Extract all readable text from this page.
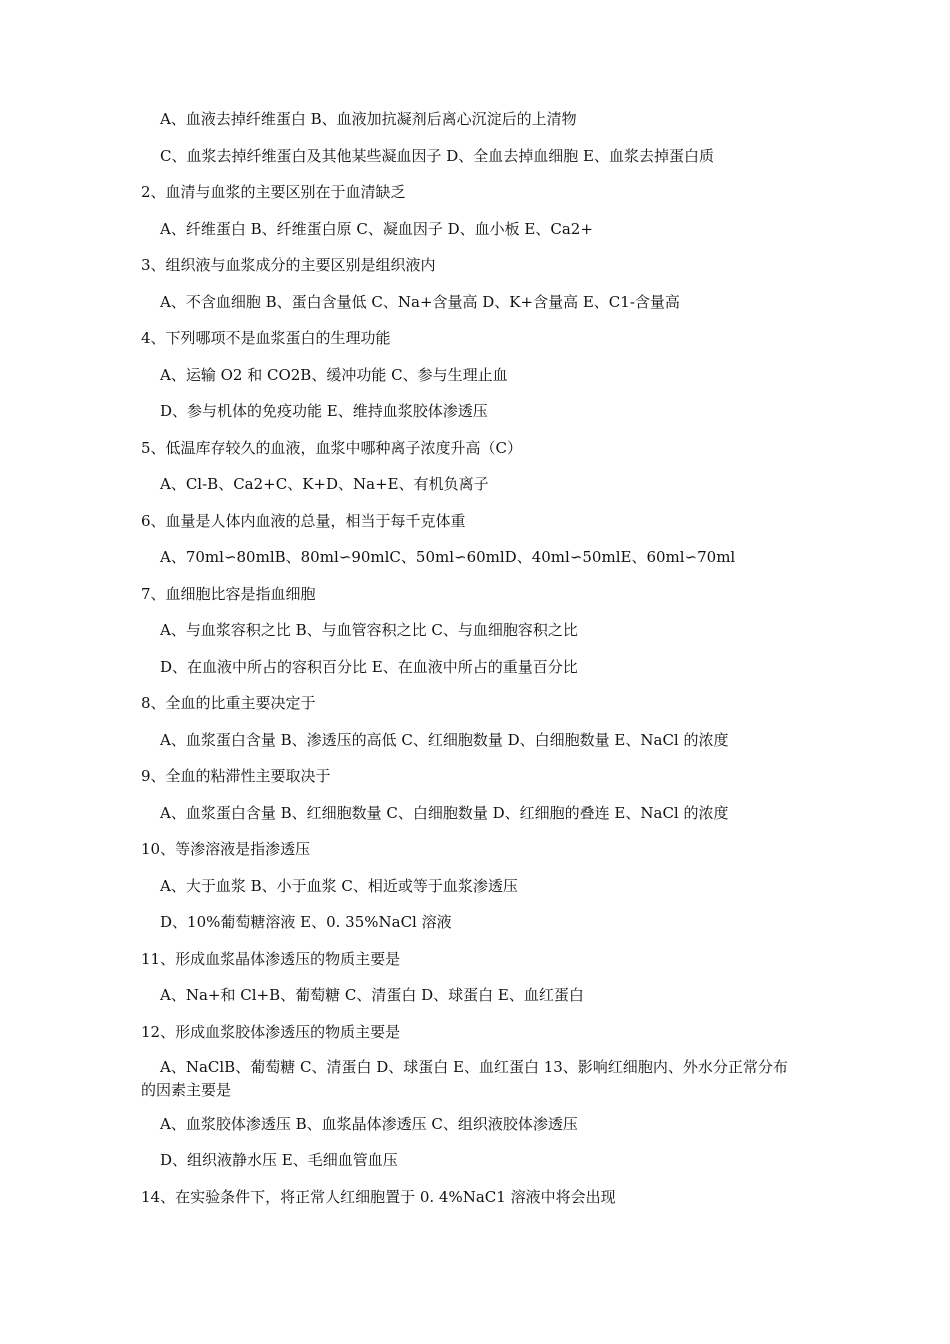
A、血液去掉纤维蛋白 B、血液加抗凝剂后离心沉淀后的上清物
C、血浆去掉纤维蛋白及其他某些凝血因子 D、全血去掉血细胞 E、血浆去掉蛋白质
2、血清与血浆的主要区别在于血清缺乏
A、纤维蛋白 B、纤维蛋白原 C、凝血因子 D、血小板 E、Ca2+
3、组织液与血浆成分的主要区别是组织液内
A、不含血细胞 B、蛋白含量低 C、Na+含量高 D、K+含量高 E、C1-含量高
4、下列哪项不是血浆蛋白的生理功能
A、运输 O2 和 CO2B、缓冲功能 C、参与生理止血
D、参与机体的免疫功能 E、维持血浆胶体渗透压
5、低温库存较久的血液，血浆中哪种离子浓度升高（C）
A、Cl-B、Ca2+C、K+D、Na+E、有机负离子
6、血量是人体内血液的总量，相当于每千克体重
A、70ml∽80mlB、80ml∽90mlC、50ml∽60mlD、40ml∽50mlE、60ml∽70ml
7、血细胞比容是指血细胞
A、与血浆容积之比 B、与血管容积之比 C、与血细胞容积之比
D、在血液中所占的容积百分比 E、在血液中所占的重量百分比
8、全血的比重主要决定于
A、血浆蛋白含量 B、渗透压的高低 C、红细胞数量 D、白细胞数量 E、NaCl 的浓度
9、全血的粘滞性主要取决于
A、血浆蛋白含量 B、红细胞数量 C、白细胞数量 D、红细胞的叠连 E、NaCl 的浓度
10、等渗溶液是指渗透压
A、大于血浆 B、小于血浆 C、相近或等于血浆渗透压
D、10%葡萄糖溶液 E、0. 35%NaCl 溶液
11、形成血浆晶体渗透压的物质主要是
A、Na+和 Cl+B、葡萄糖 C、清蛋白 D、球蛋白 E、血红蛋白
12、形成血浆胶体渗透压的物质主要是
A、NaClB、葡萄糖 C、清蛋白 D、球蛋白 E、血红蛋白 13、影响红细胞内、外水分正常分布的因素主要是
A、血浆胶体渗透压 B、血浆晶体渗透压 C、组织液胶体渗透压
D、组织液静水压 E、毛细血管血压
14、在实验条件下，将正常人红细胞置于 0. 4%NaC1 溶液中将会出现
